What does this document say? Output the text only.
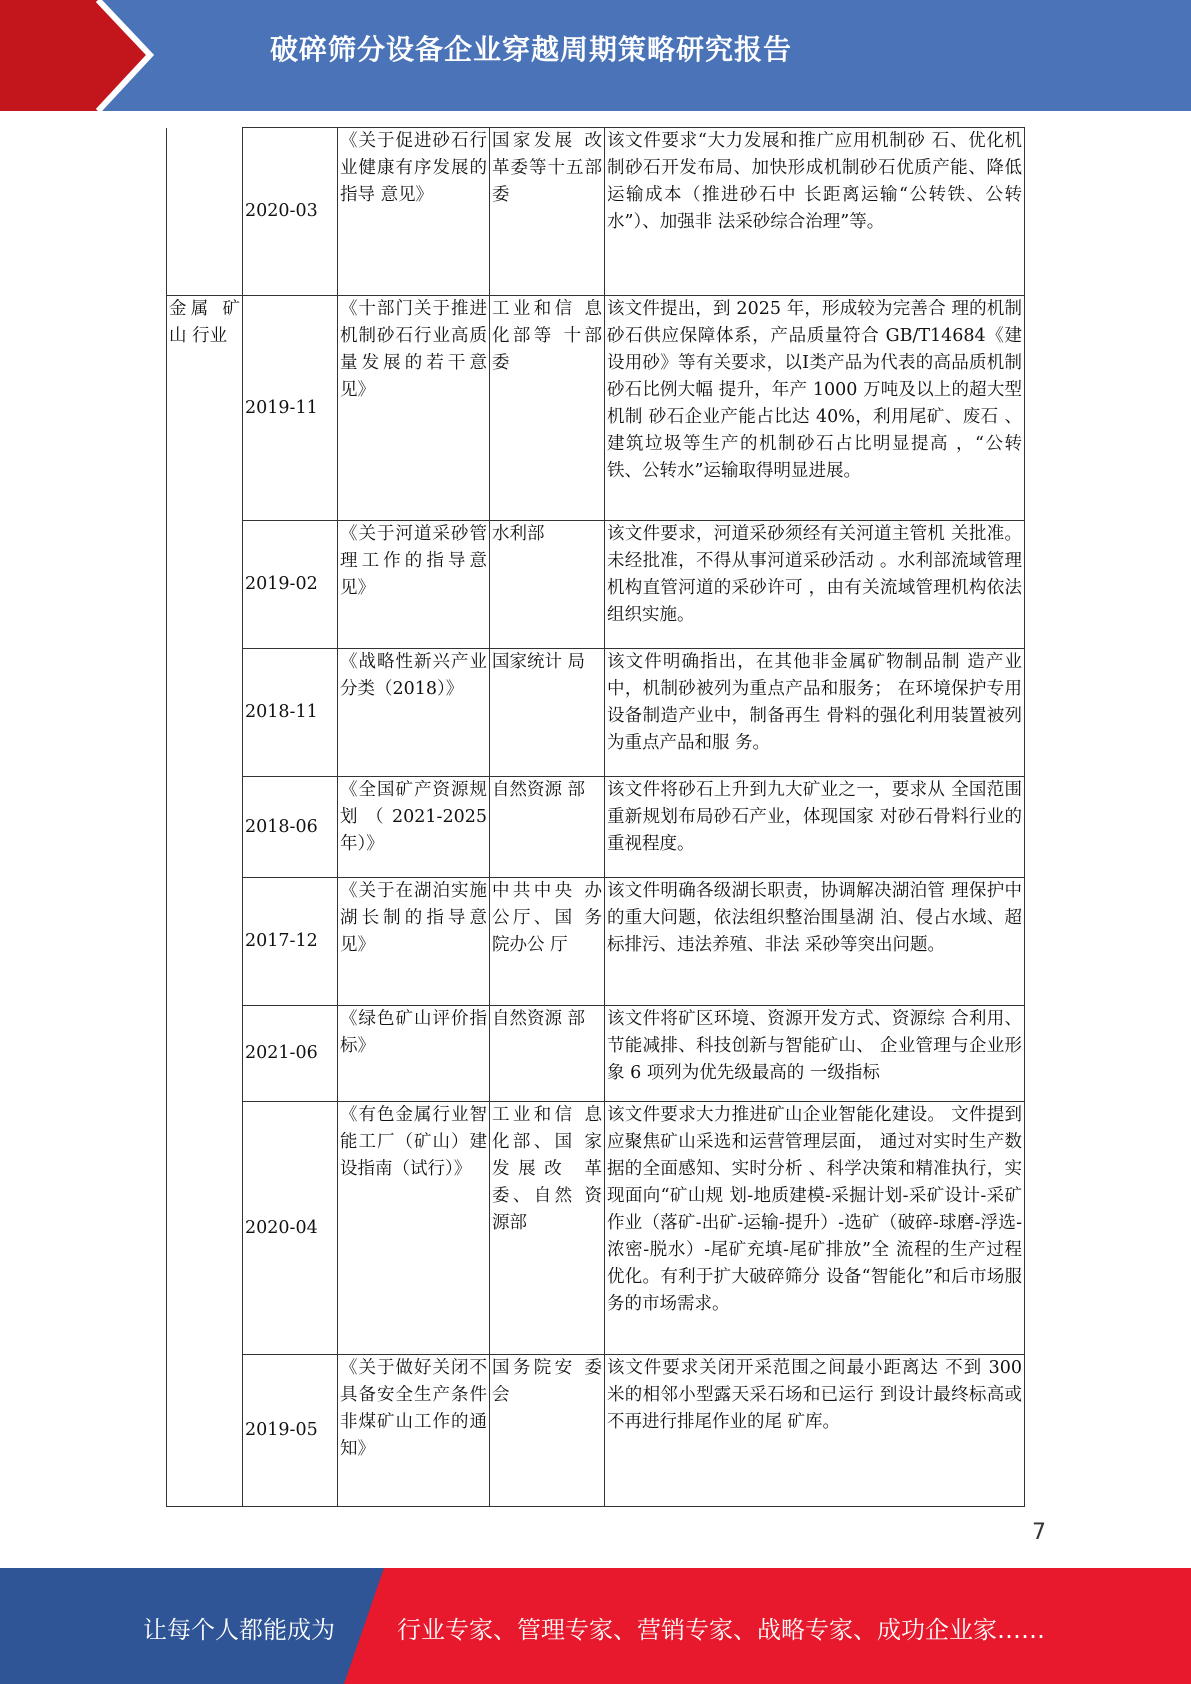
破碎筛分设备企业穿越周期策略研究报告
	2020-03	《关于促进砂石行业健康有序发展的指导 意见》	国家发展 改革委等十五部委	该文件要求“大力发展和推广应用机制砂 石、优化机制砂石开发布局、加快形成机制砂石优质产能、降低运输成本（推进砂石中 长距离运输“公转铁、公转水”）、加强非 法采砂综合治理”等。
金属 矿山 行业	2019-11	《十部门关于推进机制砂石行业高质量发展的若干意见》	工业和信 息化部等 十部委	该文件提出，到 2025 年，形成较为完善合 理的机制砂石供应保障体系，产品质量符合 GB/T14684《建设用砂》等有关要求，以Ⅰ类产品为代表的高品质机制砂石比例大幅 提升，年产 1000 万吨及以上的超大型机制 砂石企业产能占比达 40%，利用尾矿、废石 、建筑垃圾等生产的机制砂石占比明显提高 ，“公转铁、公转水”运输取得明显进展。
	2019-02	《关于河道采砂管理工作的指导意见》	水利部	该文件要求，河道采砂须经有关河道主管机 关批准。未经批准，不得从事河道采砂活动 。水利部流域管理机构直管河道的采砂许可 ，由有关流域管理机构依法组织实施。
	2018-11	《战略性新兴产业分类（2018）》	国家统计 局	该文件明确指出，在其他非金属矿物制品制 造产业中，机制砂被列为重点产品和服务； 在环境保护专用设备制造产业中，制备再生 骨料的强化利用装置被列为重点产品和服 务。
	2018-06	《全国矿产资源规划（2021-2025 年）》	自然资源 部	该文件将砂石上升到九大矿业之一，要求从 全国范围重新规划布局砂石产业，体现国家 对砂石骨料行业的重视程度。
	2017-12	《关于在湖泊实施湖长制的指导意见》	中共中央 办公厅、国 务院办公 厅	该文件明确各级湖长职责，协调解决湖泊管 理保护中的重大问题，依法组织整治围垦湖 泊、侵占水域、超标排污、违法养殖、非法 采砂等突出问题。
	2021-06	《绿色矿山评价指标》	自然资源 部	该文件将矿区环境、资源开发方式、资源综 合利用、节能减排、科技创新与智能矿山、 企业管理与企业形象 6 项列为优先级最高的 一级指标
	2020-04	《有色金属行业智能工厂（矿山）建设指南（试行）》	工业和信 息化部、国 家发展改 革委、自然 资源部	该文件要求大力推进矿山企业智能化建设。 文件提到应聚焦矿山采选和运营管理层面， 通过对实时生产数据的全面感知、实时分析 、科学决策和精准执行，实现面向“矿山规 划-地质建模-采掘计划-采矿设计-采矿作业（落矿-出矿-运输-提升）-选矿（破碎-球磨-浮选-浓密-脱水）-尾矿充填-尾矿排放”全 流程的生产过程优化。有利于扩大破碎筛分 设备“智能化”和后市场服务的市场需求。
	2019-05	《关于做好关闭不具备安全生产条件非煤矿山工作的通知》	国务院安 委会	该文件要求关闭开采范围之间最小距离达 不到 300 米的相邻小型露天采石场和已运行 到设计最终标高或不再进行排尾作业的尾 矿库。
7
让每个人都能成为	行业专家、管理专家、营销专家、战略专家、成功企业家……
